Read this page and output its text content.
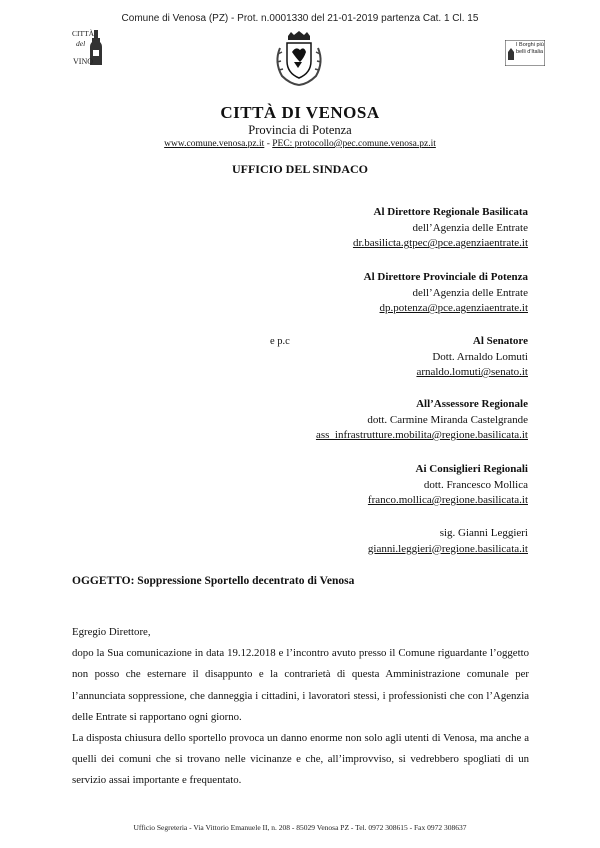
Comune di Venosa (PZ) - Prot. n.0001330 del 21-01-2019 partenza Cat. 1 Cl. 15
CITTÀ
del
VINO
I Borghi più belli d'Italia
CITTÀ DI VENOSA
Provincia di Potenza
www.comune.venosa.pz.it - PEC: protocollo@pec.comune.venosa.pz.it
UFFICIO DEL SINDACO
Al Direttore Regionale Basilicata
dell’Agenzia delle Entrate
dr.basilicta.gtpec@pce.agenziaentrate.it
Al Direttore Provinciale di Potenza
dell’Agenzia delle Entrate
dp.potenza@pce.agenziaentrate.it
e p.c	Al Senatore
Dott. Arnaldo Lomuti
arnaldo.lomuti@senato.it
All’Assessore Regionale
dott. Carmine Miranda Castelgrande
ass_infrastrutture.mobilita@regione.basilicata.it
Ai Consiglieri Regionali
dott. Francesco Mollica
franco.mollica@regione.basilicata.it
sig. Gianni Leggieri
gianni.leggieri@regione.basilicata.it
OGGETTO: Soppressione Sportello decentrato di Venosa

Egregio Direttore,

dopo la Sua comunicazione in data 19.12.2018 e l’incontro avuto presso il Comune riguardante l’oggetto non posso che esternare il disappunto e la contrarietà di questa Amministrazione comunale per l’annunciata soppressione, che danneggia i cittadini, i lavoratori stessi, i professionisti che con l’Agenzia delle Entrate si rapportano ogni giorno.

La disposta chiusura dello sportello provoca un danno enorme non solo agli utenti di Venosa, ma anche a quelli dei comuni che si trovano nelle vicinanze e che, all’improvviso, si vedrebbero spogliati di un servizio assai importante e frequentato.

Ufficio Segreteria - Via Vittorio Emanuele II, n. 208 - 85029 Venosa PZ - Tel. 0972 308615 - Fax 0972 308637
